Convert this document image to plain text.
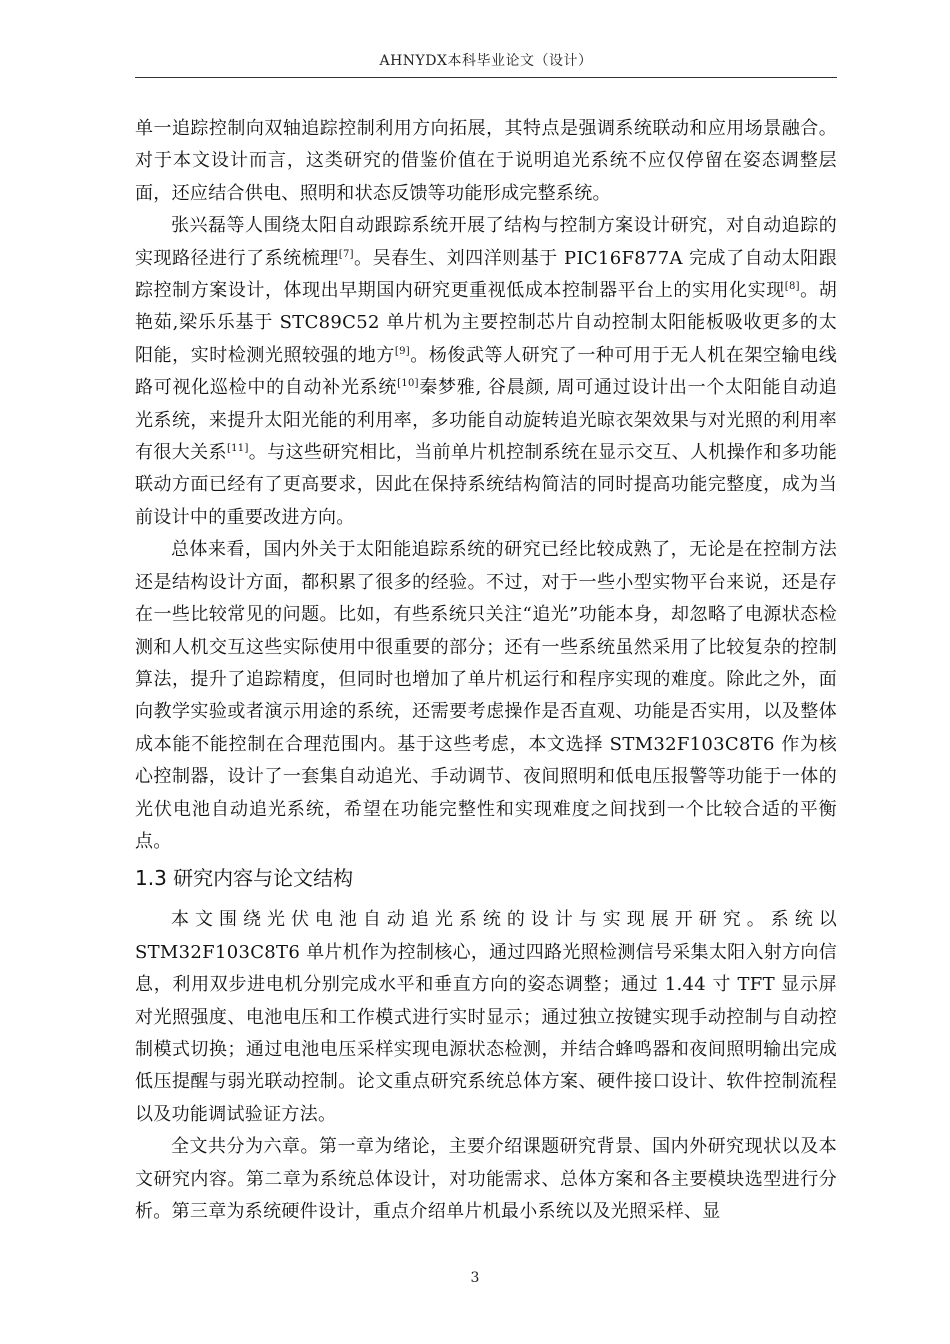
AHNYDX本科毕业论文（设计）

单一追踪控制向双轴追踪控制利用方向拓展，其特点是强调系统联动和应用场景融合。对于本文设计而言，这类研究的借鉴价值在于说明追光系统不应仅停留在姿态调整层面，还应结合供电、照明和状态反馈等功能形成完整系统。

张兴磊等人围绕太阳自动跟踪系统开展了结构与控制方案设计研究，对自动追踪的实现路径进行了系统梳理[7]。吴春生、刘四洋则基于 PIC16F877A 完成了自动太阳跟踪控制方案设计，体现出早期国内研究更重视低成本控制器平台上的实用化实现[8]。胡艳茹,梁乐乐基于 STC89C52 单片机为主要控制芯片自动控制太阳能板吸收更多的太阳能，实时检测光照较强的地方[9]。杨俊武等人研究了一种可用于无人机在架空输电线路可视化巡检中的自动补光系统[10]秦梦雅, 谷晨颜, 周可通过设计出一个太阳能自动追光系统，来提升太阳光能的利用率，多功能自动旋转追光晾衣架效果与对光照的利用率有很大关系[11]。与这些研究相比，当前单片机控制系统在显示交互、人机操作和多功能联动方面已经有了更高要求，因此在保持系统结构简洁的同时提高功能完整度，成为当前设计中的重要改进方向。

总体来看，国内外关于太阳能追踪系统的研究已经比较成熟了，无论是在控制方法还是结构设计方面，都积累了很多的经验。不过，对于一些小型实物平台来说，还是存在一些比较常见的问题。比如，有些系统只关注“追光”功能本身，却忽略了电源状态检测和人机交互这些实际使用中很重要的部分；还有一些系统虽然采用了比较复杂的控制算法，提升了追踪精度，但同时也增加了单片机运行和程序实现的难度。除此之外，面向教学实验或者演示用途的系统，还需要考虑操作是否直观、功能是否实用，以及整体成本能不能控制在合理范围内。基于这些考虑，本文选择 STM32F103C8T6 作为核心控制器，设计了一套集自动追光、手动调节、夜间照明和低电压报警等功能于一体的光伏电池自动追光系统，希望在功能完整性和实现难度之间找到一个比较合适的平衡点。

1.3 研究内容与论文结构

本文围绕光伏电池自动追光系统的设计与实现展开研究。系统以 STM32F103C8T6 单片机作为控制核心，通过四路光照检测信号采集太阳入射方向信息，利用双步进电机分别完成水平和垂直方向的姿态调整；通过 1.44 寸 TFT 显示屏对光照强度、电池电压和工作模式进行实时显示；通过独立按键实现手动控制与自动控制模式切换；通过电池电压采样实现电源状态检测，并结合蜂鸣器和夜间照明输出完成低压提醒与弱光联动控制。论文重点研究系统总体方案、硬件接口设计、软件控制流程以及功能调试验证方法。

全文共分为六章。第一章为绪论，主要介绍课题研究背景、国内外研究现状以及本文研究内容。第二章为系统总体设计，对功能需求、总体方案和各主要模块选型进行分析。第三章为系统硬件设计，重点介绍单片机最小系统以及光照采样、显

3
